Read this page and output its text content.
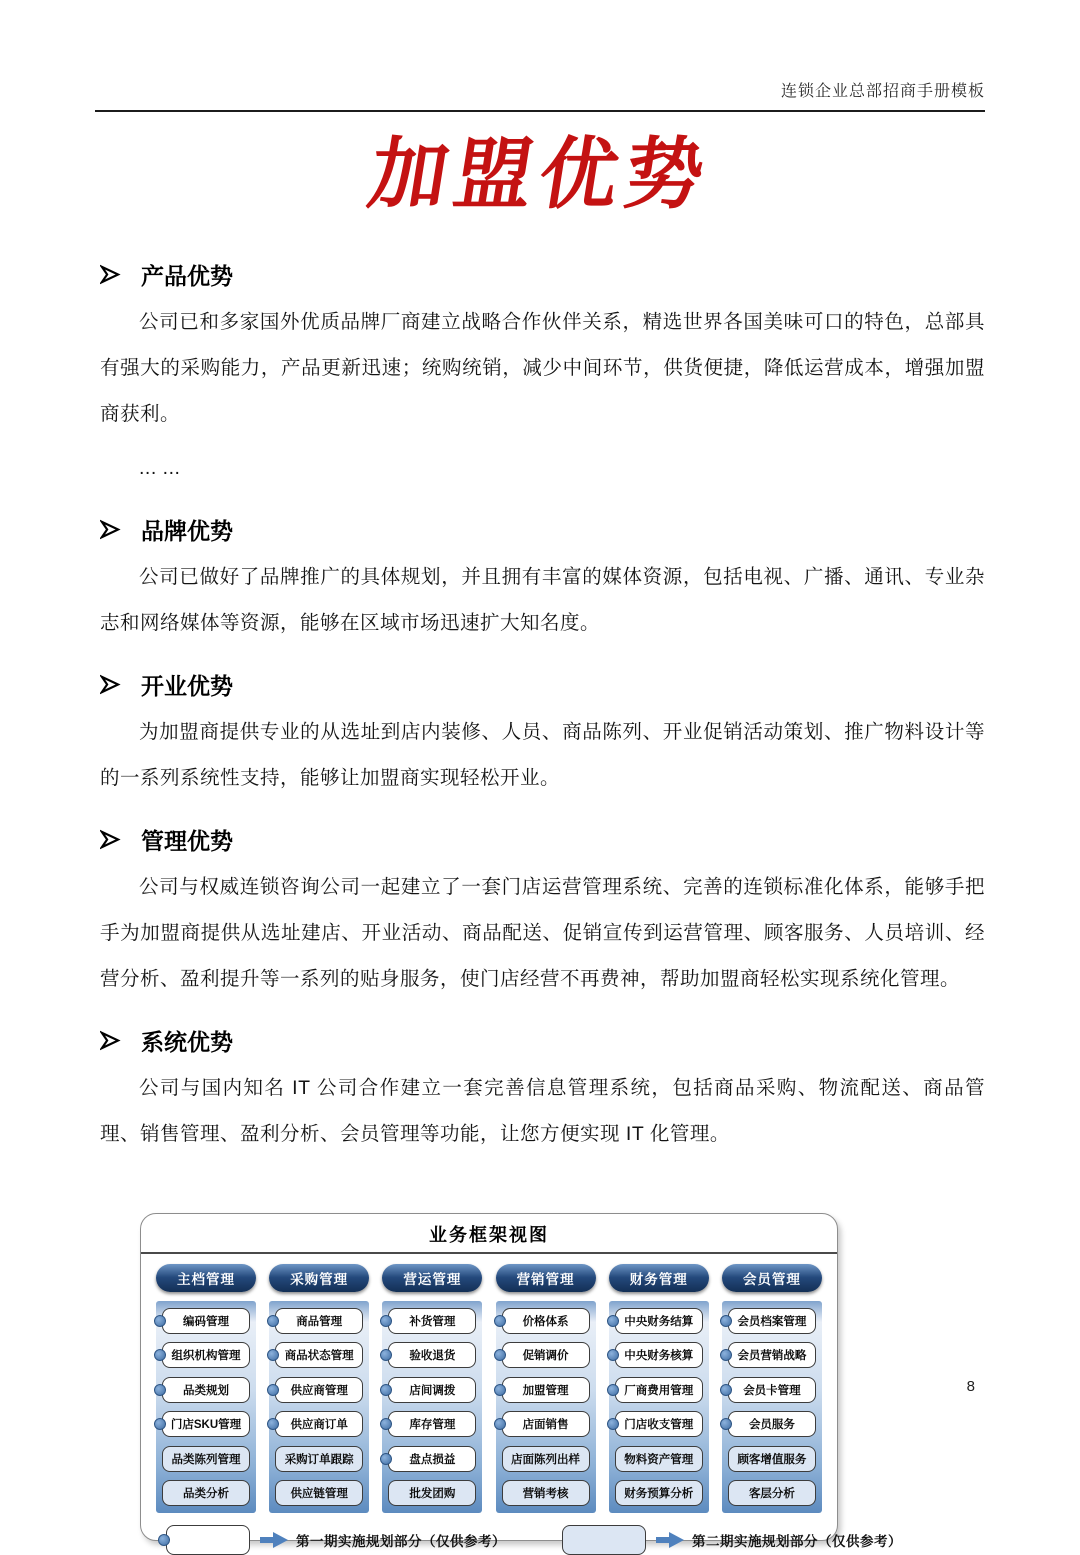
连锁企业总部招商手册模板
加盟优势
产品优势

公司已和多家国外优质品牌厂商建立战略合作伙伴关系，精选世界各国美味可口的特色，总部具有强大的采购能力，产品更新迅速；统购统销，减少中间环节，供货便捷，降低运营成本，增强加盟商获利。

... ...

品牌优势

公司已做好了品牌推广的具体规划，并且拥有丰富的媒体资源，包括电视、广播、通讯、专业杂志和网络媒体等资源，能够在区域市场迅速扩大知名度。

开业优势

为加盟商提供专业的从选址到店内装修、人员、商品陈列、开业促销活动策划、推广物料设计等的一系列系统性支持，能够让加盟商实现轻松开业。

管理优势

公司与权威连锁咨询公司一起建立了一套门店运营管理系统、完善的连锁标准化体系，能够手把手为加盟商提供从选址建店、开业活动、商品配送、促销宣传到运营管理、顾客服务、人员培训、经营分析、盈利提升等一系列的贴身服务，使门店经营不再费神，帮助加盟商轻松实现系统化管理。

系统优势

公司与国内知名 IT 公司合作建立一套完善信息管理系统，包括商品采购、物流配送、商品管理、销售管理、盈利分析、会员管理等功能，让您方便实现 IT 化管理。

业务框架视图
主档管理
编码管理
组织机构管理
品类规划
门店SKU管理
品类陈列管理
品类分析
采购管理
商品管理
商品状态管理
供应商管理
供应商订单
采购订单跟踪
供应链管理
营运管理
补货管理
验收退货
店间调拨
库存管理
盘点损益
批发团购
营销管理
价格体系
促销调价
加盟管理
店面销售
店面陈列出样
营销考核
财务管理
中央财务结算
中央财务核算
厂商费用管理
门店收支管理
物料资产管理
财务预算分析
会员管理
会员档案管理
会员营销战略
会员卡管理
会员服务
顾客增值服务
客层分析
第一期实施规划部分（仅供参考）	第二期实施规划部分（仅供参考）
8
